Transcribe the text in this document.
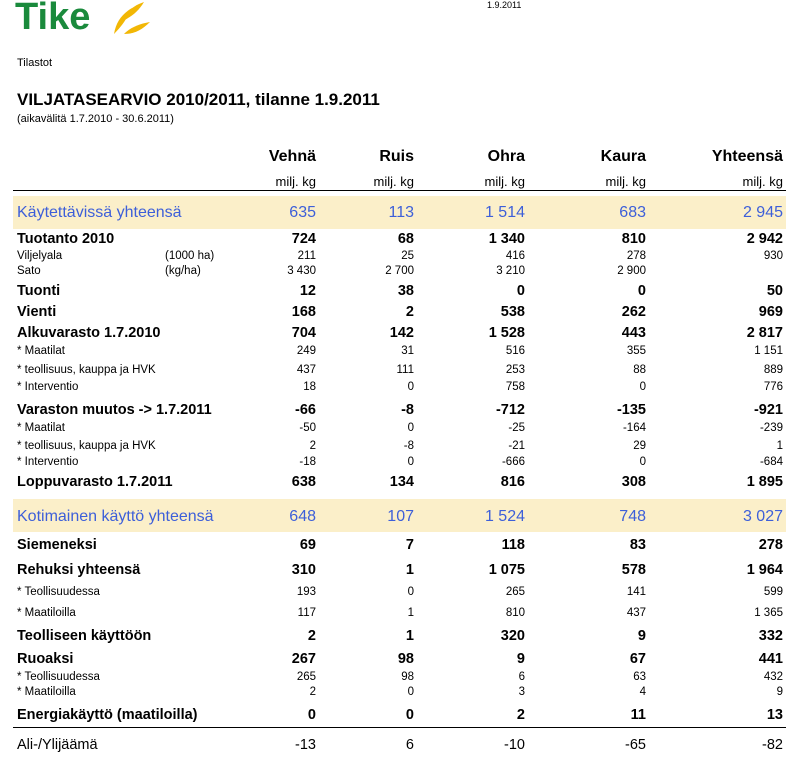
Tike	1.9.2011
Tilastot
VILJATASEARVIO 2010/2011, tilanne 1.9.2011
(aikavälitä 1.7.2010 - 30.6.2011)
Vehnä	Ruis	Ohra	Kaura	Yhteensä
milj. kg	milj. kg	milj. kg	milj. kg	milj. kg
Käytettävissä yhteensä	635	113	1 514	683	2 945
Tuotanto 2010	724	68	1 340	810	2 942
Viljelyala	(1000 ha)	211	25	416	278	930
Sato	(kg/ha)	3 430	2 700	3 210	2 900
Tuonti	12	38	0	0	50
Vienti	168	2	538	262	969
Alkuvarasto 1.7.2010	704	142	1 528	443	2 817
* Maatilat	249	31	516	355	1 151
* teollisuus, kauppa ja HVK	437	111	253	88	889
* Interventio	18	0	758	0	776
Varaston muutos -> 1.7.2011	-66	-8	-712	-135	-921
* Maatilat	-50	0	-25	-164	-239
* teollisuus, kauppa ja HVK	2	-8	-21	29	1
* Interventio	-18	0	-666	0	-684
Loppuvarasto 1.7.2011	638	134	816	308	1 895
Kotimainen käyttö yhteensä	648	107	1 524	748	3 027
Siemeneksi	69	7	118	83	278
Rehuksi yhteensä	310	1	1 075	578	1 964
* Teollisuudessa	193	0	265	141	599
* Maatiloilla	117	1	810	437	1 365
Teolliseen käyttöön	2	1	320	9	332
Ruoaksi	267	98	9	67	441
* Teollisuudessa	265	98	6	63	432
* Maatiloilla	2	0	3	4	9
Energiakäyttö (maatiloilla)	0	0	2	11	13
Ali-/Ylijäämä	-13	6	-10	-65	-82
